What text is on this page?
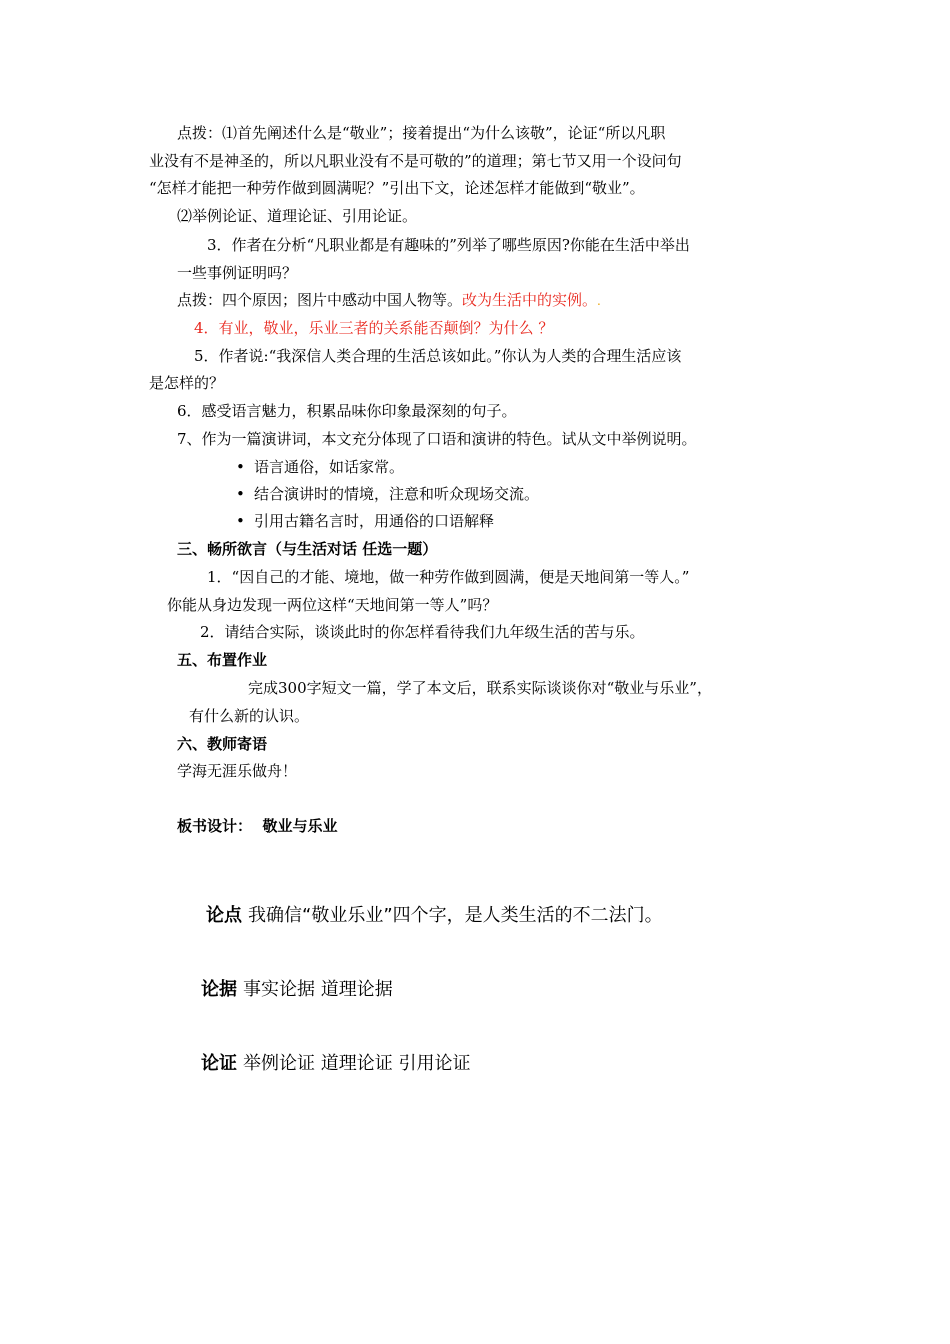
点拨：⑴首先阐述什么是“敬业”；接着提出“为什么该敬”，论证“所以凡职
业没有不是神圣的，所以凡职业没有不是可敬的”的道理；第七节又用一个设问句
“怎样才能把一种劳作做到圆满呢？”引出下文，论述怎样才能做到“敬业”。
⑵举例论证、道理论证、引用论证。
3．作者在分析“凡职业都是有趣味的”列举了哪些原因?你能在生活中举出
一些事例证明吗？
点拨：四个原因；图片中感动中国人物等。改为生活中的实例。.
4．有业，敬业，乐业三者的关系能否颠倒？为什么 ？
5．作者说:“我深信人类合理的生活总该如此。”你认为人类的合理生活应该
是怎样的？
6．感受语言魅力，积累品味你印象最深刻的句子。
7、作为一篇演讲词，本文充分体现了口语和演讲的特色。试从文中举例说明。
• 语言通俗，如话家常。
• 结合演讲时的情境，注意和听众现场交流。
• 引用古籍名言时，用通俗的口语解释
三、畅所欲言（与生活对话 任选一题）
1．“因自己的才能、境地，做一种劳作做到圆满，便是天地间第一等人。”
你能从身边发现一两位这样“天地间第一等人”吗？
2．请结合实际，谈谈此时的你怎样看待我们九年级生活的苦与乐。
五、布置作业
完成300字短文一篇，学了本文后，联系实际谈谈你对“敬业与乐业”，
有什么新的认识。
六、教师寄语
学海无涯乐做舟！
板书设计： 敬业与乐业
论点 我确信“敬业乐业”四个字，是人类生活的不二法门。
论据 事实论据 道理论据
论证 举例论证 道理论证 引用论证
